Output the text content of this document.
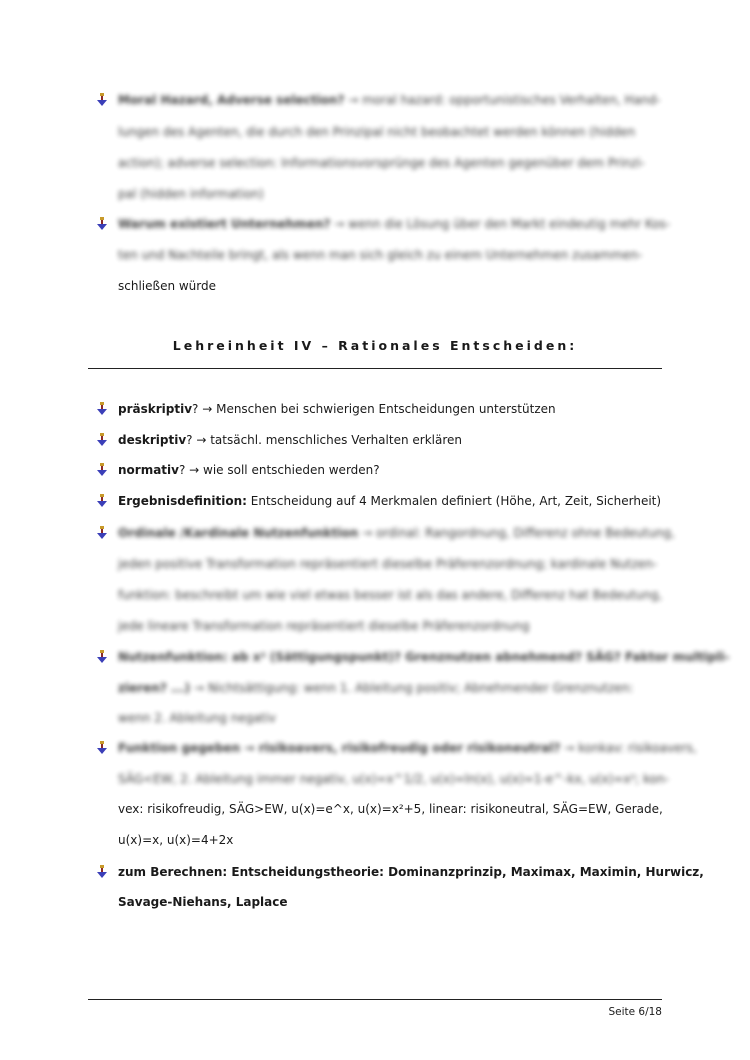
Moral Hazard, Adverse selection? → moral hazard: opportunistisches Verhalten, Hand-
lungen des Agenten, die durch den Prinzipal nicht beobachtet werden können (hidden
action); adverse selection: Informationsvorsprünge des Agenten gegenüber dem Prinzi-
pal (hidden information)
Warum existiert Unternehmen? → wenn die Lösung über den Markt eindeutig mehr Kos-
ten und Nachteile bringt, als wenn man sich gleich zu einem Unternehmen zusammen-
schließen würde
Lehreinheit IV – Rationales Entscheiden:
präskriptiv? → Menschen bei schwierigen Entscheidungen unterstützen
deskriptiv? → tatsächl. menschliches Verhalten erklären
normativ? → wie soll entschieden werden?
Ergebnisdefinition: Entscheidung auf 4 Merkmalen definiert (Höhe, Art, Zeit, Sicherheit)
Ordinale /Kardinale Nutzenfunktion → ordinal: Rangordnung, Differenz ohne Bedeutung,
jeden positive Transformation repräsentiert dieselbe Präferenzordnung; kardinale Nutzen-
funktion: beschreibt um wie viel etwas besser ist als das andere, Differenz hat Bedeutung,
jede lineare Transformation repräsentiert dieselbe Präferenzordnung
Nutzenfunktion: ab x² (Sättigungspunkt)? Grenznutzen abnehmend? SÄG? Faktor multipli-
zieren? ...) → Nichtsättigung: wenn 1. Ableitung positiv; Abnehmender Grenznutzen:
wenn 2. Ableitung negativ
Funktion gegeben → risikoavers, risikofreudig oder risikoneutral? → konkav: risikoavers,
SÄG<EW, 2. Ableitung immer negativ, u(x)=x^1/2, u(x)=ln(x), u(x)=1-e^-kx, u(x)=x²; kon-
vex: risikofreudig, SÄG>EW, u(x)=e^x, u(x)=x²+5, linear: risikoneutral, SÄG=EW, Gerade,
u(x)=x, u(x)=4+2x
zum Berechnen: Entscheidungstheorie: Dominanzprinzip, Maximax, Maximin, Hurwicz,
Savage-Niehans, Laplace
Seite 6/18
